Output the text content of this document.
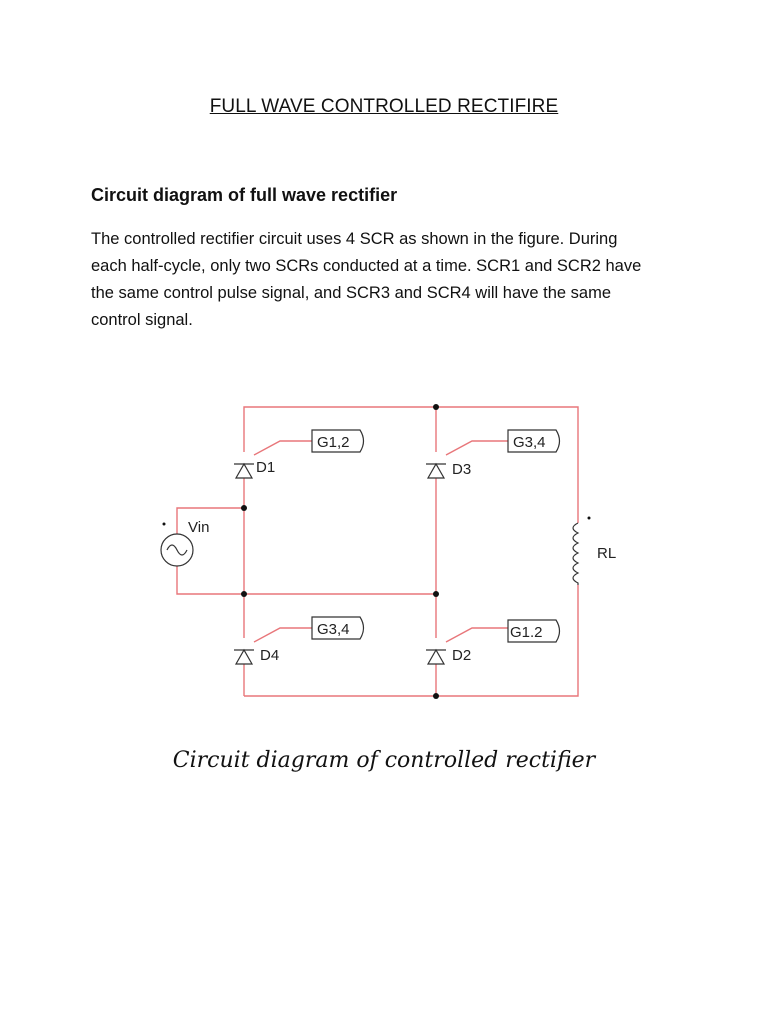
FULL WAVE CONTROLLED RECTIFIRE
Circuit diagram of full wave rectifier

The controlled rectifier circuit uses 4 SCR as shown in the figure. During
each half-cycle, only two SCRs conducted at a time. SCR1 and SCR2 have
the same control pulse signal, and SCR3 and SCR4 will have the same
control signal.

D1	D3
D4	D2
G1,2	G3,4
G3,4	G1.2
Vin
RL

Circuit diagram of controlled rectifier
